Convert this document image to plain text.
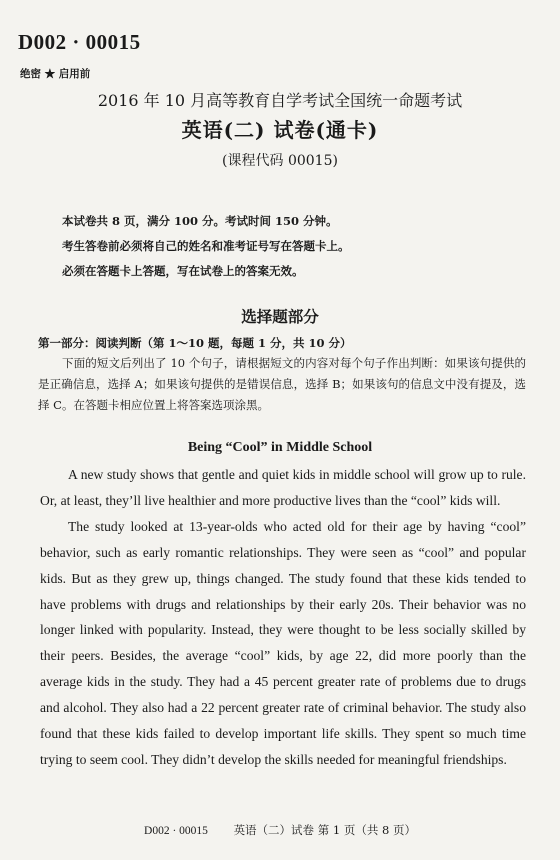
D002 · 00015
绝密 ★ 启用前
2016 年 10 月高等教育自学考试全国统一命题考试
英语(二) 试卷(通卡)
(课程代码 00015)
本试卷共 8 页，满分 100 分。考试时间 150 分钟。
考生答卷前必须将自己的姓名和准考证号写在答题卡上。
必须在答题卡上答题，写在试卷上的答案无效。
选择题部分
第一部分：阅读判断（第 1～10 题，每题 1 分，共 10 分）
下面的短文后列出了 10 个句子，请根据短文的内容对每个句子作出判断：如果该句提供的是正确信息，选择 A；如果该句提供的是错误信息，选择 B；如果该句的信息文中没有提及，选择 C。在答题卡相应位置上将答案选项涂黑。
Being “Cool” in Middle School

A new study shows that gentle and quiet kids in middle school will grow up to rule. Or, at least, they’ll live healthier and more productive lives than the “cool” kids will.

The study looked at 13-year-olds who acted old for their age by having “cool” behavior, such as early romantic relationships. They were seen as “cool” and popular kids. But as they grew up, things changed. The study found that these kids tended to have problems with drugs and relationships by their early 20s. Their behavior was no longer linked with popularity. Instead, they were thought to be less socially skilled by their peers. Besides, the average “cool” kids, by age 22, did more poorly than the average kids in the study. They had a 45 percent greater rate of problems due to drugs and alcohol. They also had a 22 percent greater rate of criminal behavior. The study also found that these kids failed to develop important life skills. They spent so much time trying to seem cool. They didn’t develop the skills needed for meaningful friendships.

D002 · 00015 英语（二）试卷 第 1 页（共 8 页）
